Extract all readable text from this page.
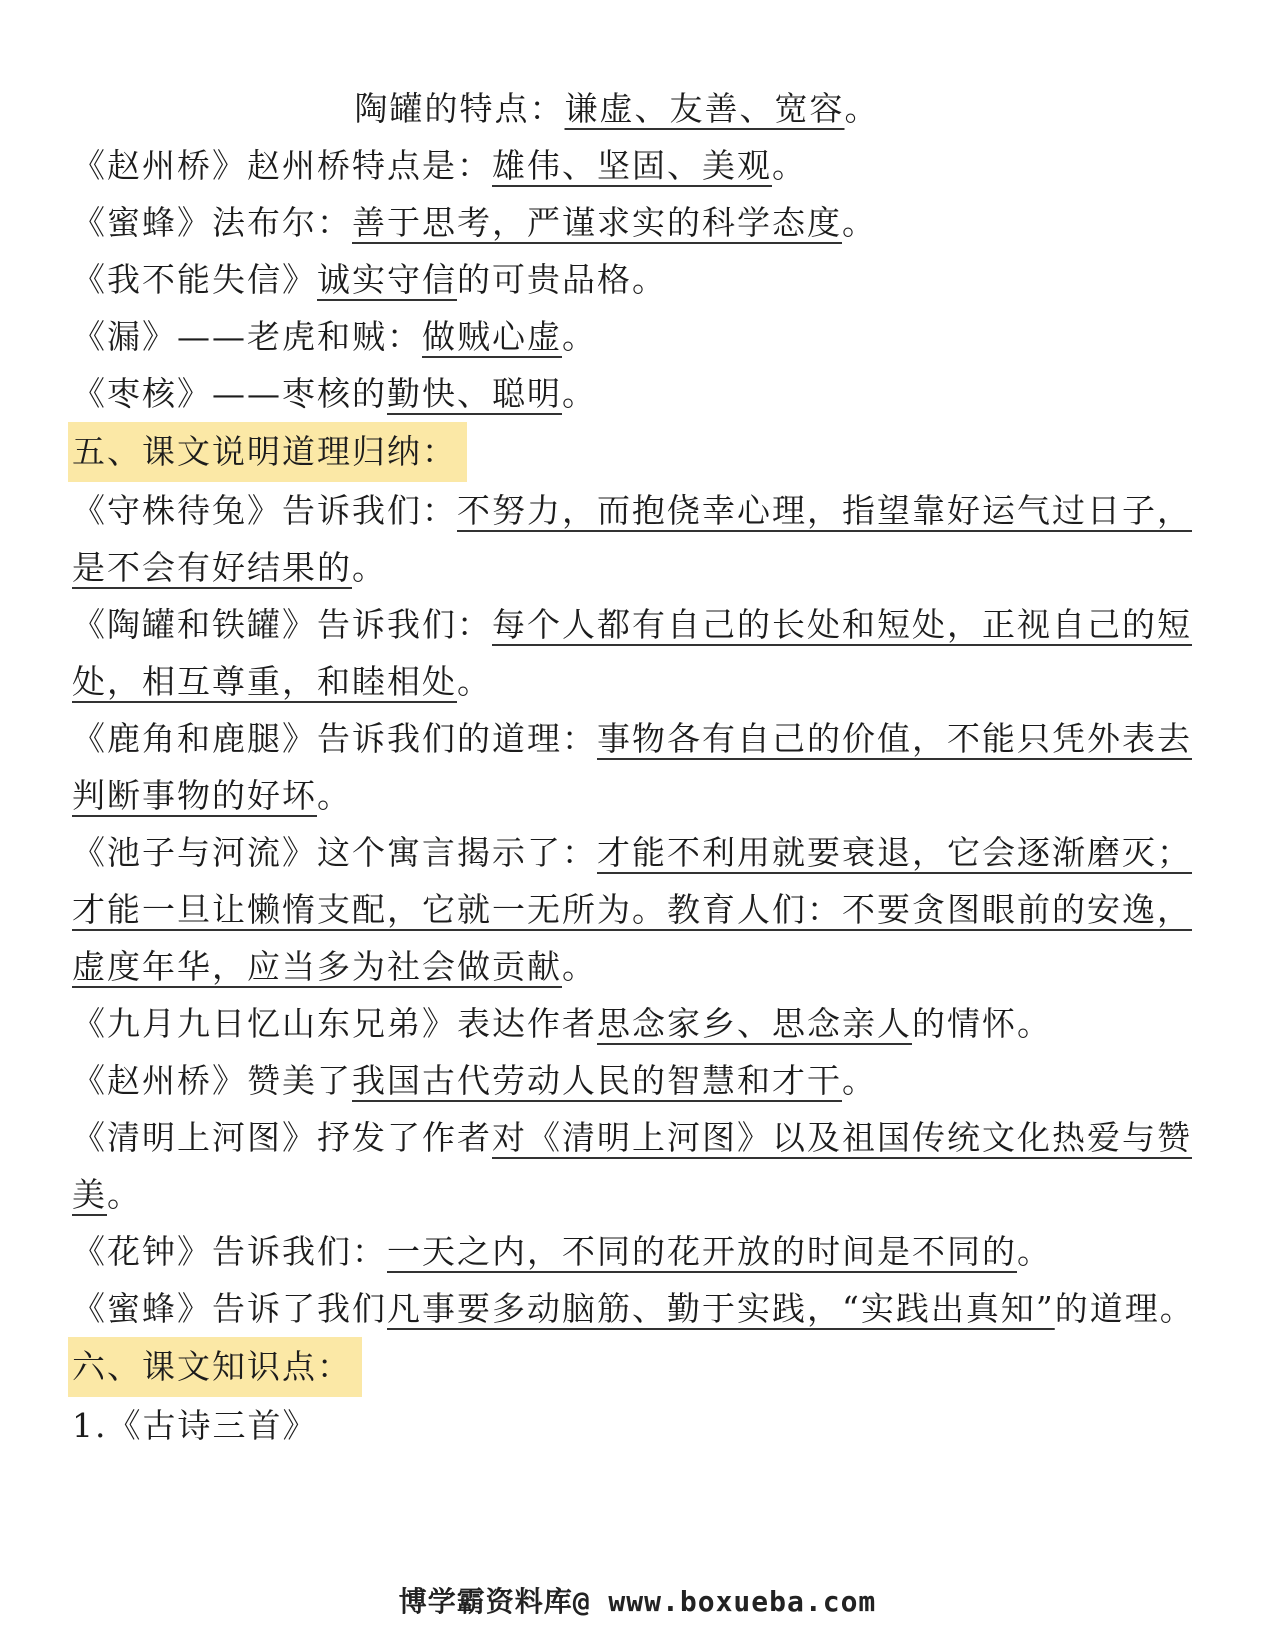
陶罐的特点：谦虚、友善、宽容。
《赵州桥》赵州桥特点是：雄伟、坚固、美观。
《蜜蜂》法布尔：善于思考，严谨求实的科学态度。
《我不能失信》诚实守信的可贵品格。
《漏》——老虎和贼：做贼心虚。
《枣核》——枣核的勤快、聪明。
五、课文说明道理归纳：
《守株待兔》告诉我们：不努力，而抱侥幸心理，指望靠好运气过日子，是不会有好结果的。
《陶罐和铁罐》告诉我们：每个人都有自己的长处和短处，正视自己的短处，相互尊重，和睦相处。
《鹿角和鹿腿》告诉我们的道理：事物各有自己的价值，不能只凭外表去判断事物的好坏。
《池子与河流》这个寓言揭示了：才能不利用就要衰退，它会逐渐磨灭；才能一旦让懒惰支配，它就一无所为。教育人们：不要贪图眼前的安逸，虚度年华，应当多为社会做贡献。
《九月九日忆山东兄弟》表达作者思念家乡、思念亲人的情怀。
《赵州桥》赞美了我国古代劳动人民的智慧和才干。
《清明上河图》抒发了作者对《清明上河图》以及祖国传统文化热爱与赞美。
《花钟》告诉我们：一天之内，不同的花开放的时间是不同的。
《蜜蜂》告诉了我们凡事要多动脑筋、勤于实践，“实践出真知”的道理。
六、课文知识点：
1.《古诗三首》
博学霸资料库@ www.boxueba.com
